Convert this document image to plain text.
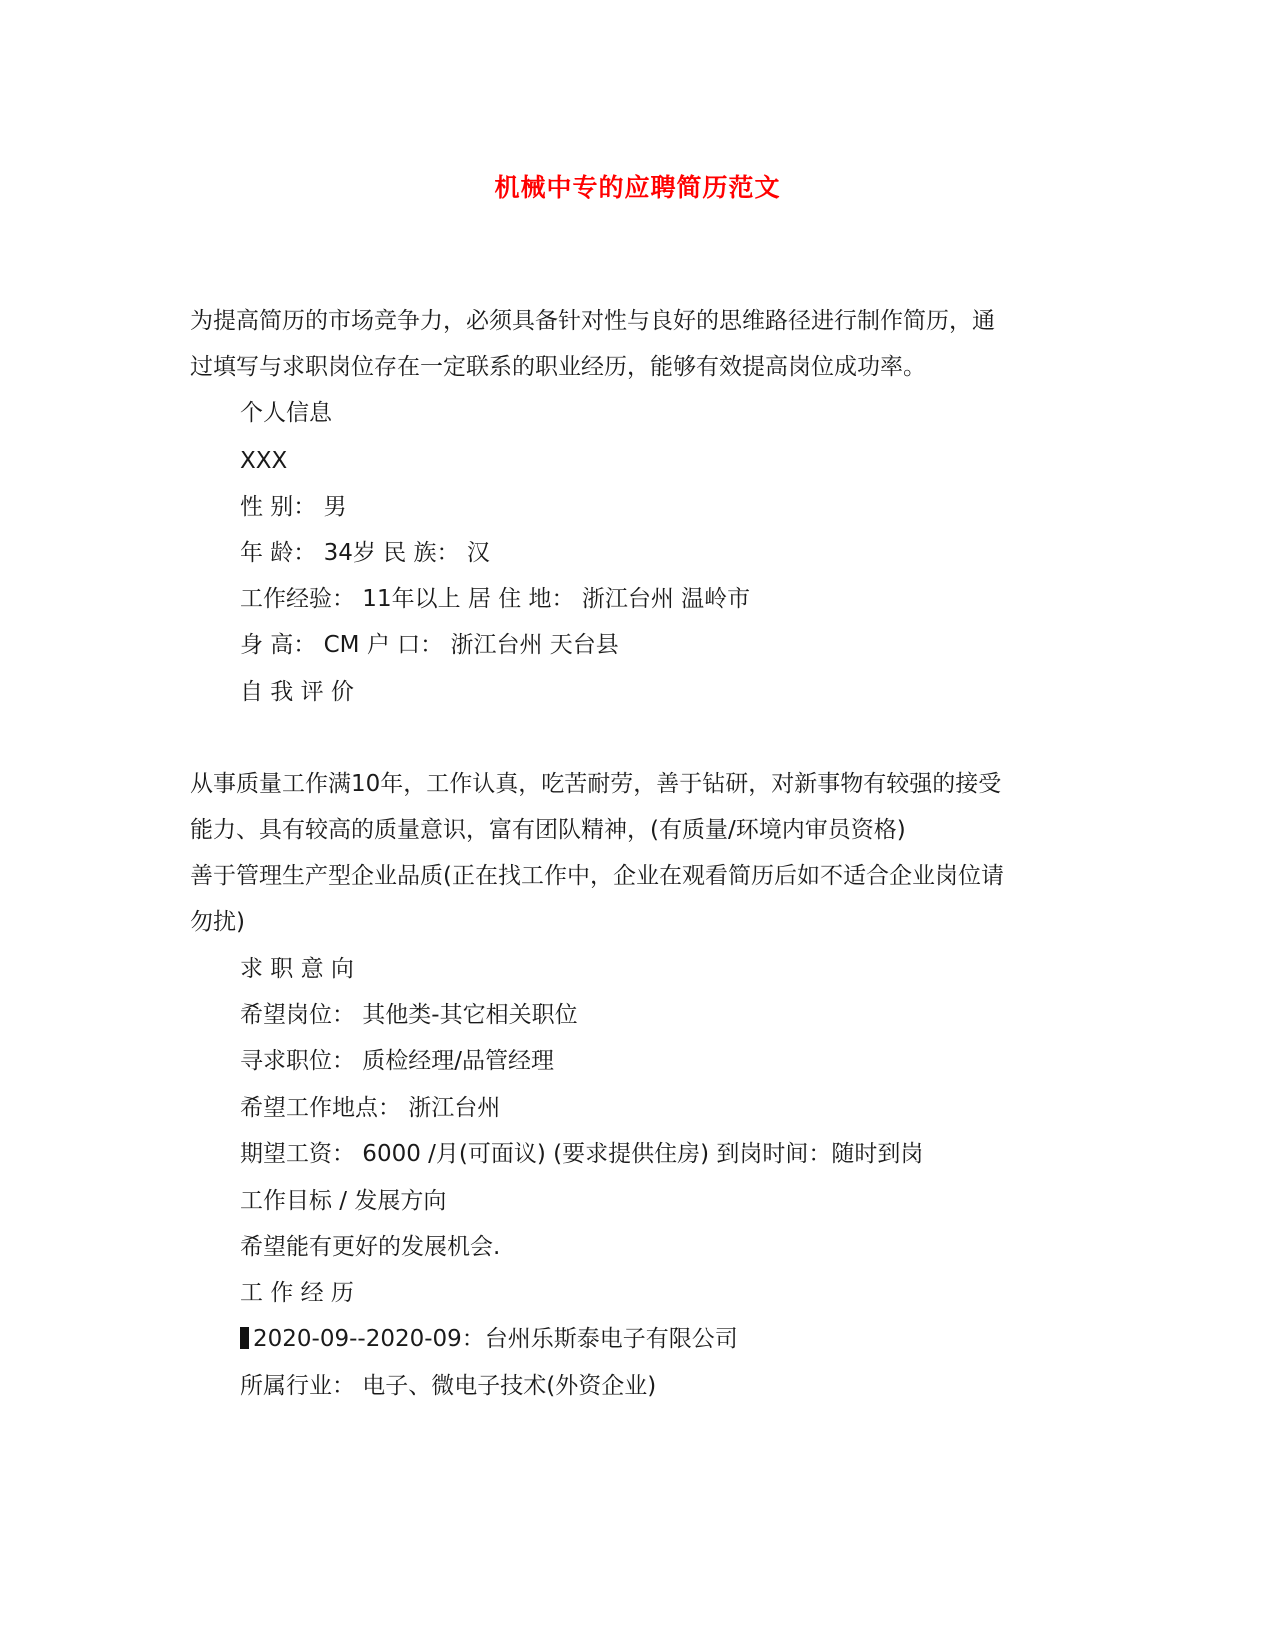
机械中专的应聘简历范文
为提高简历的市场竞争力，必须具备针对性与良好的思维路径进行制作简历，通
过填写与求职岗位存在一定联系的职业经历，能够有效提高岗位成功率。
个人信息
XXX
性 别： 男
年 龄： 34岁 民 族： 汉
工作经验： 11年以上 居 住 地： 浙江台州 温岭市
身 高： CM 户 口： 浙江台州 天台县
自 我 评 价
从事质量工作满10年，工作认真，吃苦耐劳，善于钻研，对新事物有较强的接受
能力、具有较高的质量意识，富有团队精神，(有质量/环境内审员资格)
善于管理生产型企业品质(正在找工作中，企业在观看简历后如不适合企业岗位请
勿扰)
求 职 意 向
希望岗位： 其他类-其它相关职位
寻求职位： 质检经理/品管经理
希望工作地点： 浙江台州
期望工资： 6000 /月(可面议) (要求提供住房) 到岗时间：随时到岗
工作目标 / 发展方向
希望能有更好的发展机会.
工 作 经 历
2020-09--2020-09：台州乐斯泰电子有限公司
所属行业： 电子、微电子技术(外资企业)
